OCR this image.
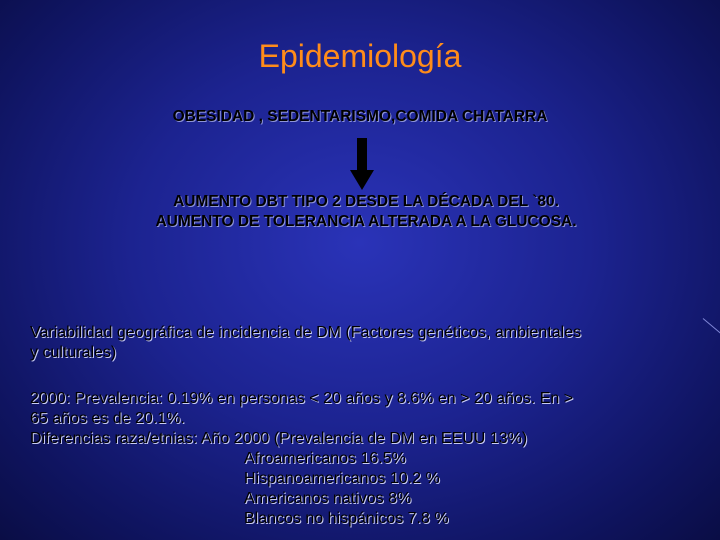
Epidemiología
OBESIDAD , SEDENTARISMO,COMIDA CHATARRA
AUMENTO DBT TIPO 2 DESDE LA DÉCADA DEL `80.
AUMENTO DE TOLERANCIA ALTERADA A LA GLUCOSA.
Variabilidad geográfica de incidencia de DM (Factores genéticos, ambientales
y culturales)
2000: Prevalencia: 0.19% en personas < 20 años y 8.6% en > 20 años. En >
65 años es de 20.1%.
Diferencias raza/etnias: Año 2000 (Prevalencia de DM en EEUU 13%)
Afroamericanos 16.5%
Hispanoamericanos 10.2 %
Americanos nativos 8%
Blancos no hispánicos 7.8 %
